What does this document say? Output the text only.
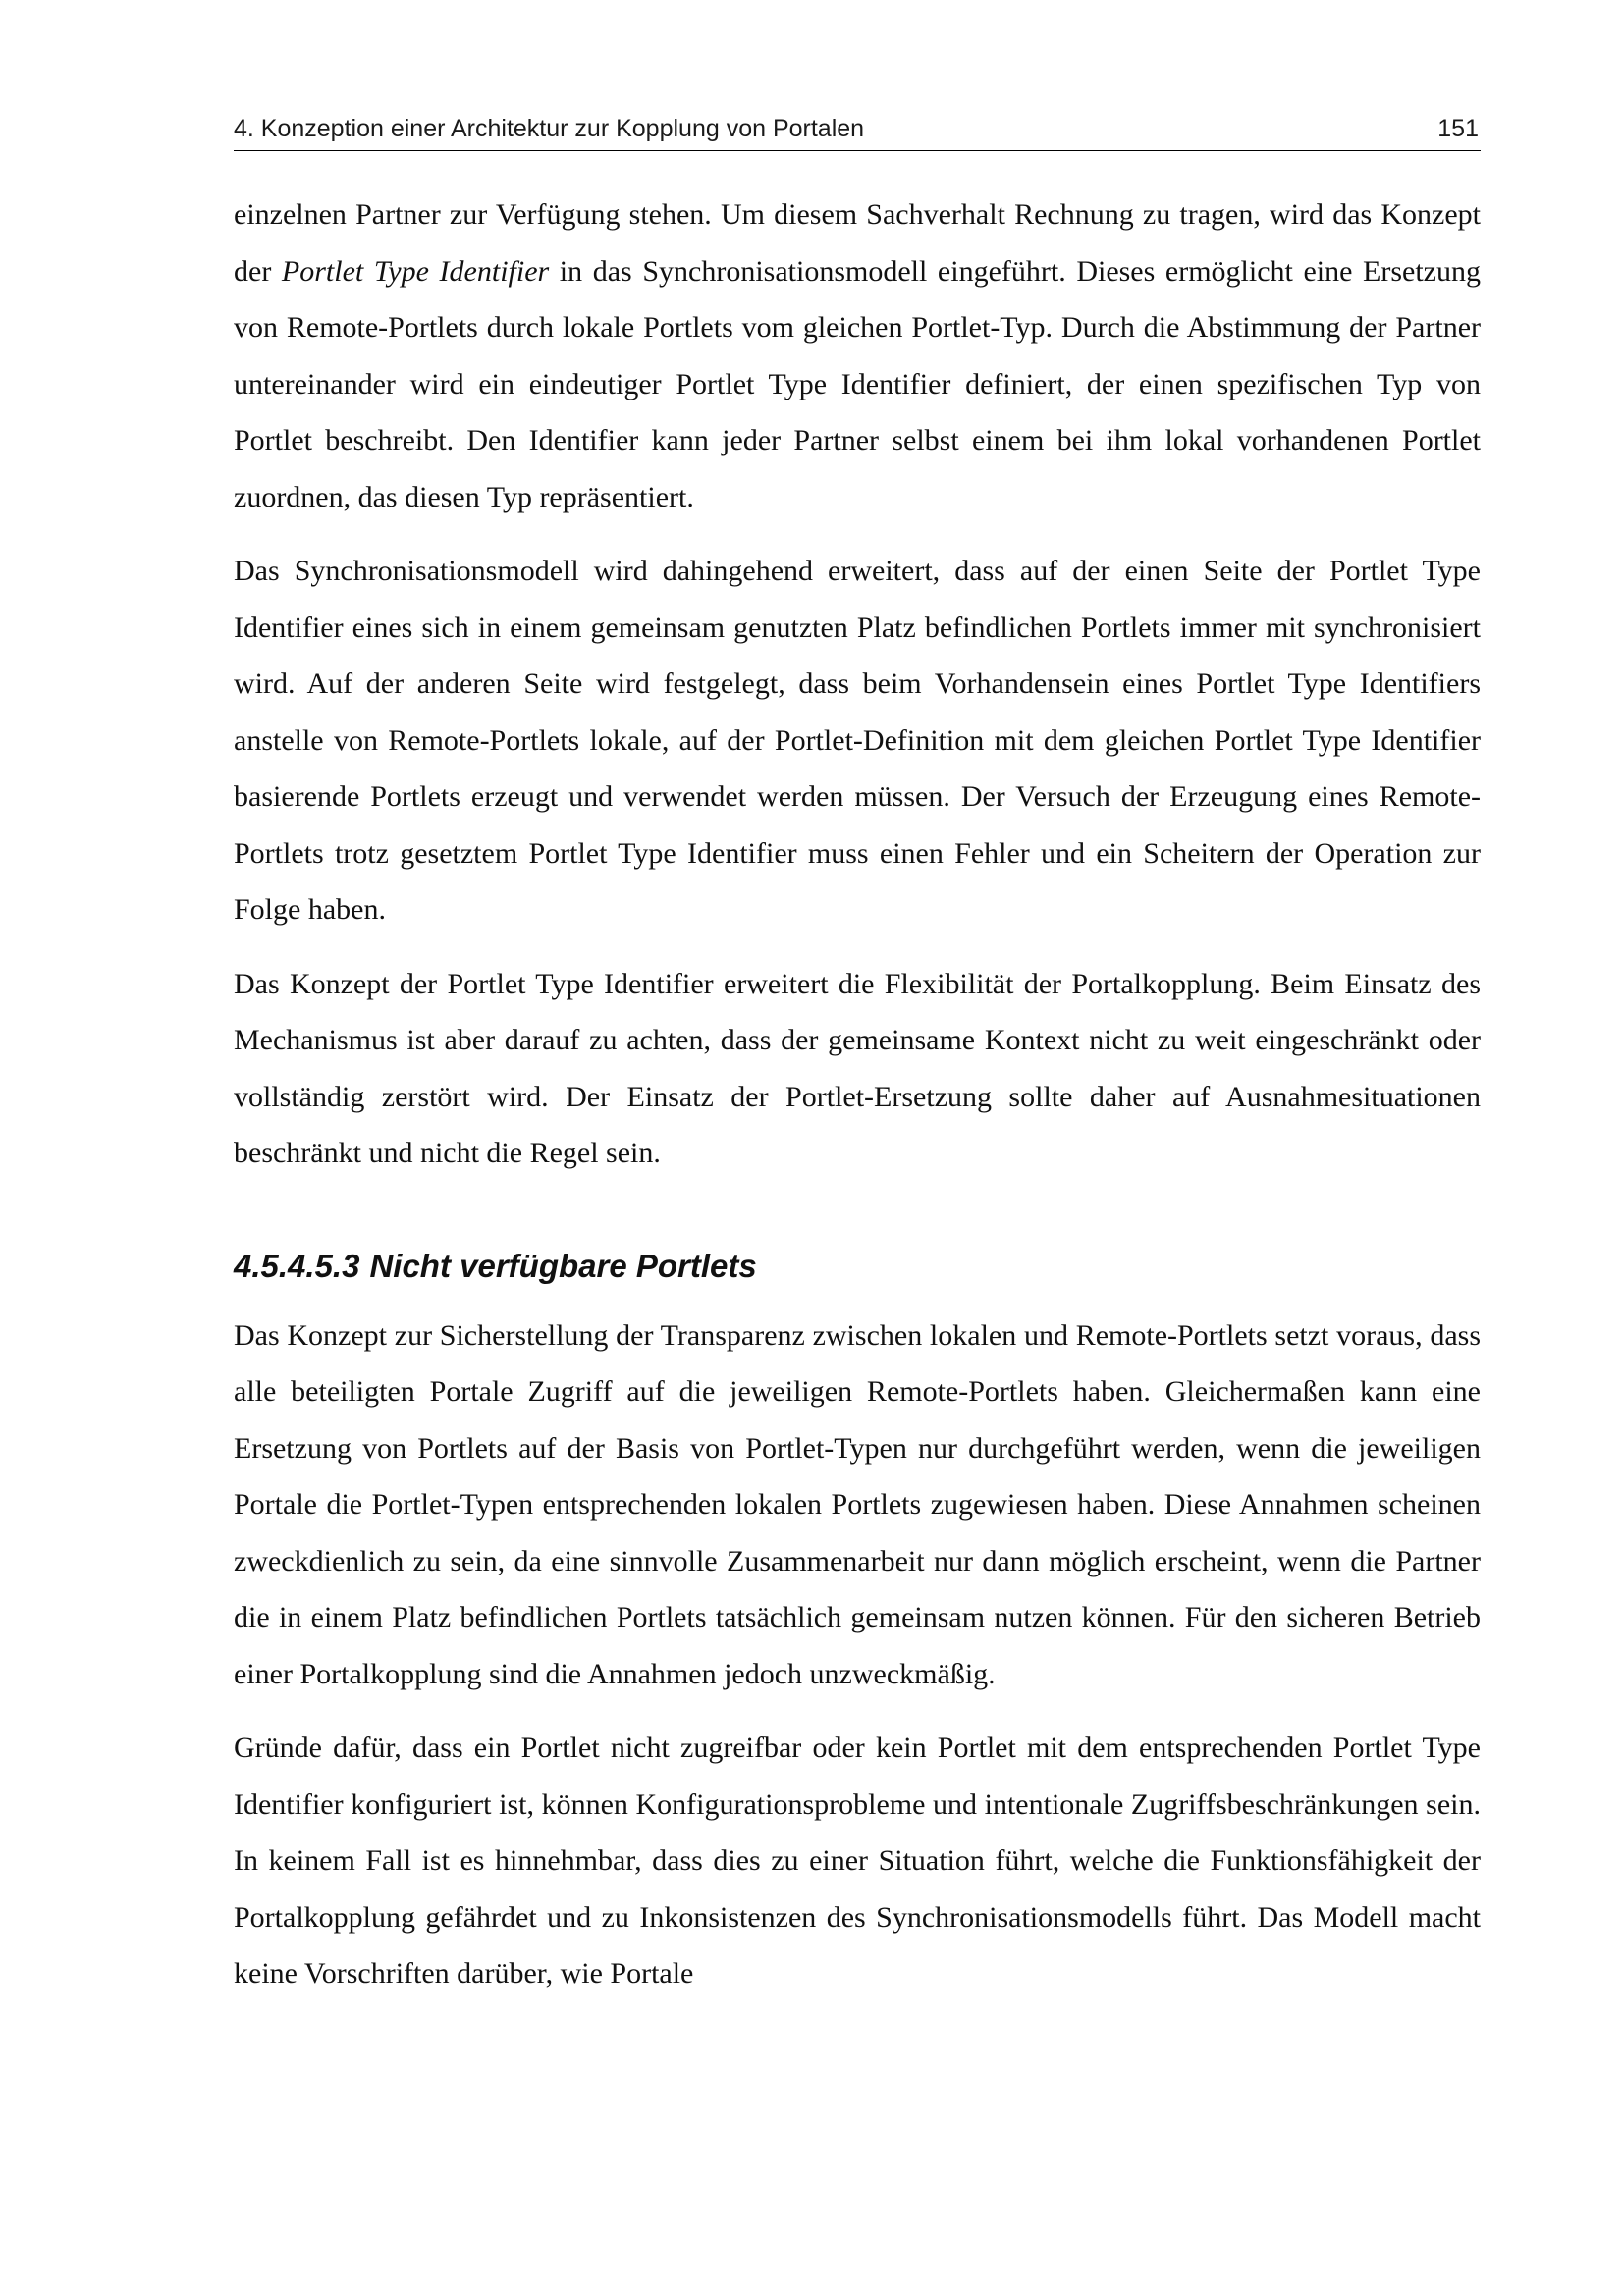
4. Konzeption einer Architektur zur Kopplung von Portalen	151

einzelnen Partner zur Verfügung stehen. Um diesem Sachverhalt Rechnung zu tragen, wird das Konzept der Portlet Type Identifier in das Synchronisationsmodell eingeführt. Dieses ermöglicht eine Ersetzung von Remote-Portlets durch lokale Portlets vom gleichen Portlet-Typ. Durch die Abstimmung der Partner untereinander wird ein eindeutiger Portlet Type Identifier definiert, der einen spezifischen Typ von Portlet beschreibt. Den Identifier kann jeder Partner selbst einem bei ihm lokal vorhandenen Portlet zuordnen, das diesen Typ repräsentiert.

Das Synchronisationsmodell wird dahingehend erweitert, dass auf der einen Seite der Portlet Type Identifier eines sich in einem gemeinsam genutzten Platz befindlichen Portlets immer mit synchronisiert wird. Auf der anderen Seite wird festgelegt, dass beim Vorhandensein eines Portlet Type Identifiers anstelle von Remote-Portlets lokale, auf der Portlet-Definition mit dem gleichen Portlet Type Identifier basierende Portlets erzeugt und verwendet werden müssen. Der Versuch der Erzeugung eines Remote-Portlets trotz gesetztem Portlet Type Identifier muss einen Fehler und ein Scheitern der Operation zur Folge haben.

Das Konzept der Portlet Type Identifier erweitert die Flexibilität der Portalkopplung. Beim Einsatz des Mechanismus ist aber darauf zu achten, dass der gemeinsame Kontext nicht zu weit eingeschränkt oder vollständig zerstört wird. Der Einsatz der Portlet-Ersetzung sollte daher auf Ausnahmesituationen beschränkt und nicht die Regel sein.

4.5.4.5.3 Nicht verfügbare Portlets

Das Konzept zur Sicherstellung der Transparenz zwischen lokalen und Remote-Portlets setzt voraus, dass alle beteiligten Portale Zugriff auf die jeweiligen Remote-Portlets haben. Gleichermaßen kann eine Ersetzung von Portlets auf der Basis von Portlet-Typen nur durchgeführt werden, wenn die jeweiligen Portale die Portlet-Typen entsprechenden lokalen Portlets zugewiesen haben. Diese Annahmen scheinen zweckdienlich zu sein, da eine sinnvolle Zusammenarbeit nur dann möglich erscheint, wenn die Partner die in einem Platz befindlichen Portlets tatsächlich gemeinsam nutzen können. Für den sicheren Betrieb einer Portalkopplung sind die Annahmen jedoch unzweckmäßig.

Gründe dafür, dass ein Portlet nicht zugreifbar oder kein Portlet mit dem entsprechenden Portlet Type Identifier konfiguriert ist, können Konfigurationsprobleme und intentionale Zugriffsbeschränkungen sein. In keinem Fall ist es hinnehmbar, dass dies zu einer Situation führt, welche die Funktionsfähigkeit der Portalkopplung gefährdet und zu Inkonsistenzen des Synchronisationsmodells führt. Das Modell macht keine Vorschriften darüber, wie Portale
